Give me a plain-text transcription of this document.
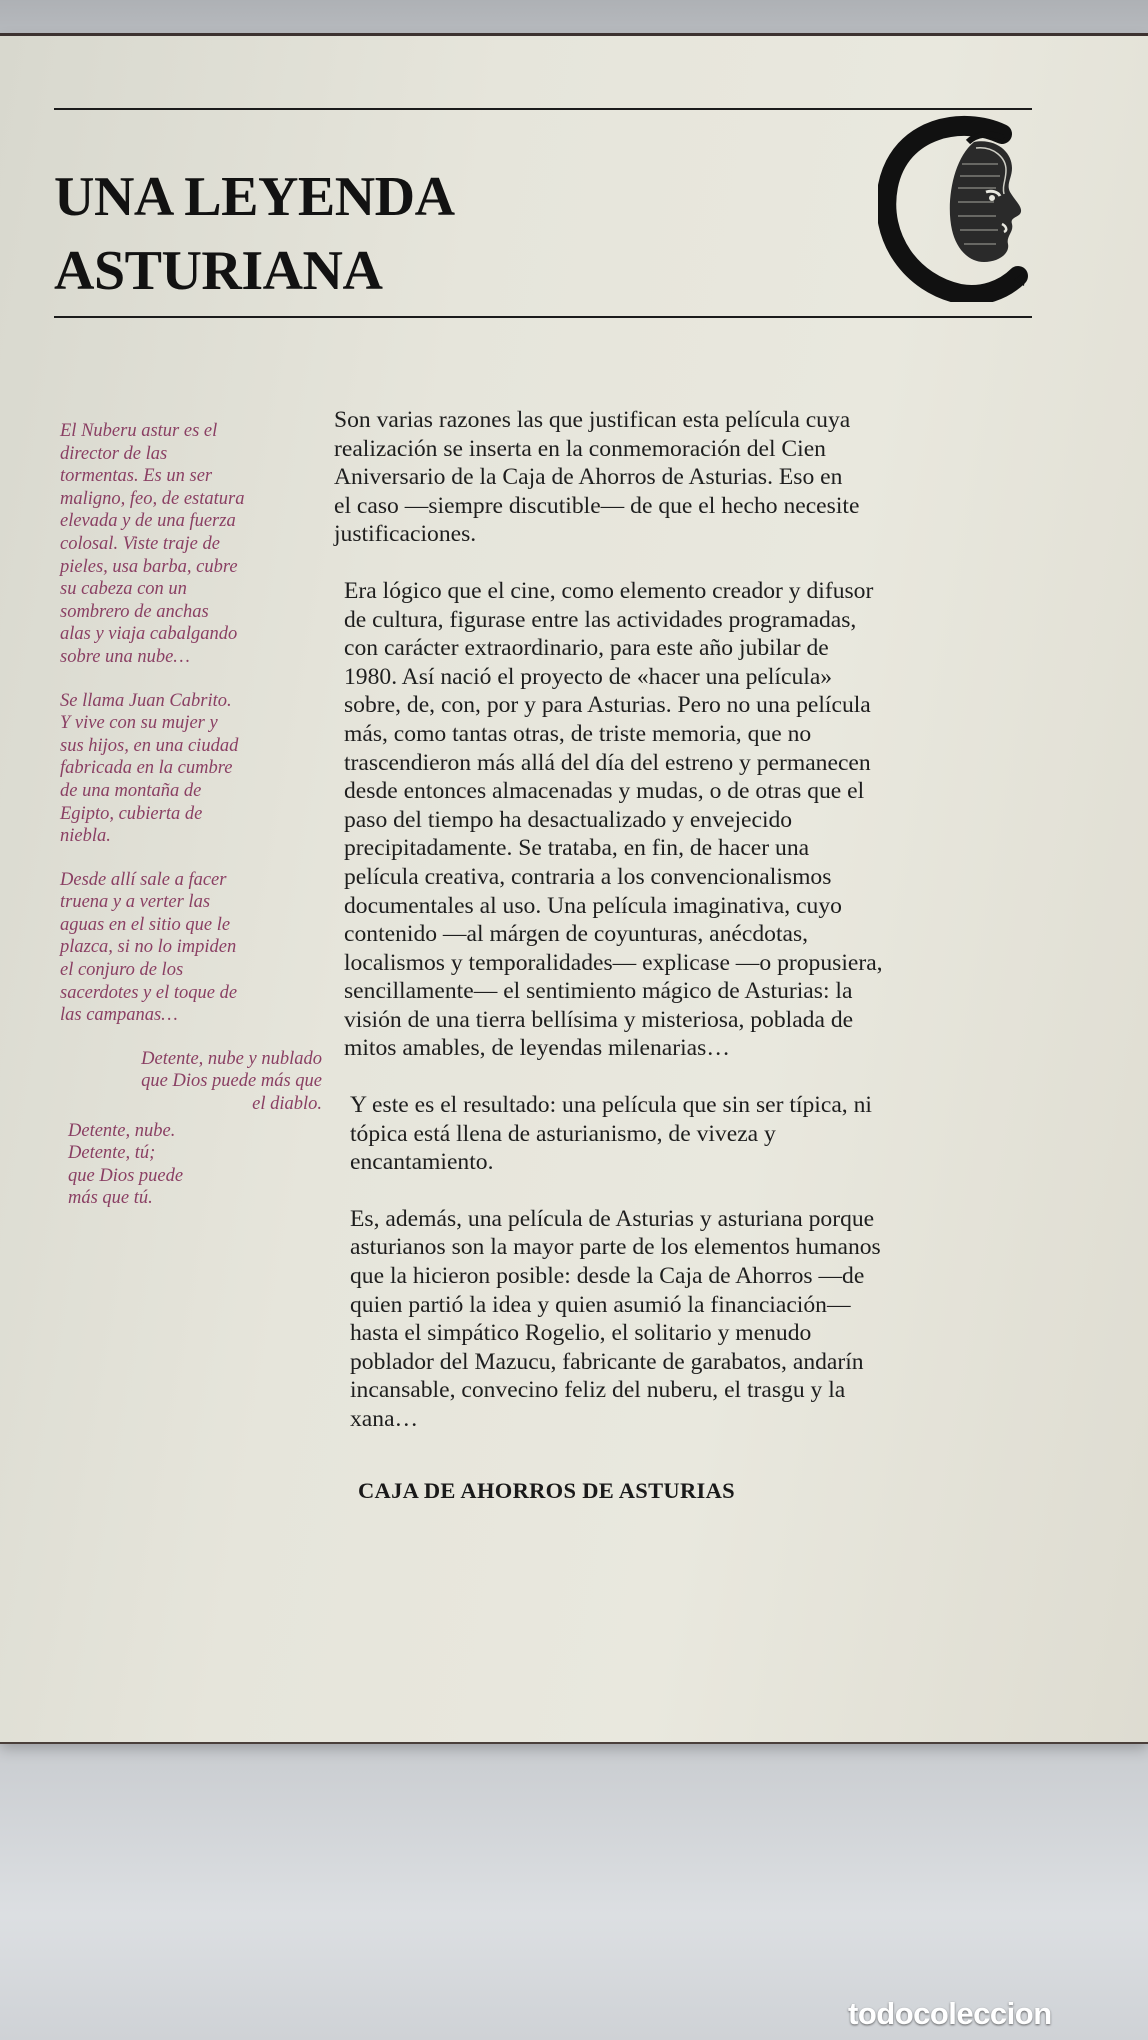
UNA LEYENDA
ASTURIANA

El Nuberu astur es el
director de las
tormentas. Es un ser
maligno, feo, de estatura
elevada y de una fuerza
colosal. Viste traje de
pieles, usa barba, cubre
su cabeza con un
sombrero de anchas
alas y viaja cabalgando
sobre una nube…

Se llama Juan Cabrito.
Y vive con su mujer y
sus hijos, en una ciudad
fabricada en la cumbre
de una montaña de
Egipto, cubierta de
niebla.

Desde allí sale a facer
truena y a verter las
aguas en el sitio que le
plazca, si no lo impiden
el conjuro de los
sacerdotes y el toque de
las campanas…

Detente, nube y nublado
que Dios puede más que
el diablo.

Detente, nube.
Detente, tú;
que Dios puede
más que tú.

Son varias razones las que justifican esta película cuya
realización se inserta en la conmemoración del Cien
Aniversario de la Caja de Ahorros de Asturias. Eso en
el caso —siempre discutible— de que el hecho necesite
justificaciones.

Era lógico que el cine, como elemento creador y difusor
de cultura, figurase entre las actividades programadas,
con carácter extraordinario, para este año jubilar de
1980. Así nació el proyecto de «hacer una película»
sobre, de, con, por y para Asturias. Pero no una película
más, como tantas otras, de triste memoria, que no
trascendieron más allá del día del estreno y permanecen
desde entonces almacenadas y mudas, o de otras que el
paso del tiempo ha desactualizado y envejecido
precipitadamente. Se trataba, en fin, de hacer una
película creativa, contraria a los convencionalismos
documentales al uso. Una película imaginativa, cuyo
contenido —al márgen de coyunturas, anécdotas,
localismos y temporalidades— explicase —o propusiera,
sencillamente— el sentimiento mágico de Asturias: la
visión de una tierra bellísima y misteriosa, poblada de
mitos amables, de leyendas milenarias…

Y este es el resultado: una película que sin ser típica, ni
tópica está llena de asturianismo, de viveza y
encantamiento.

Es, además, una película de Asturias y asturiana porque
asturianos son la mayor parte de los elementos humanos
que la hicieron posible: desde la Caja de Ahorros —de
quien partió la idea y quien asumió la financiación—
hasta el simpático Rogelio, el solitario y menudo
poblador del Mazucu, fabricante de garabatos, andarín
incansable, convecino feliz del nuberu, el trasgu y la
xana…

CAJA DE AHORROS DE ASTURIAS

todocoleccion
